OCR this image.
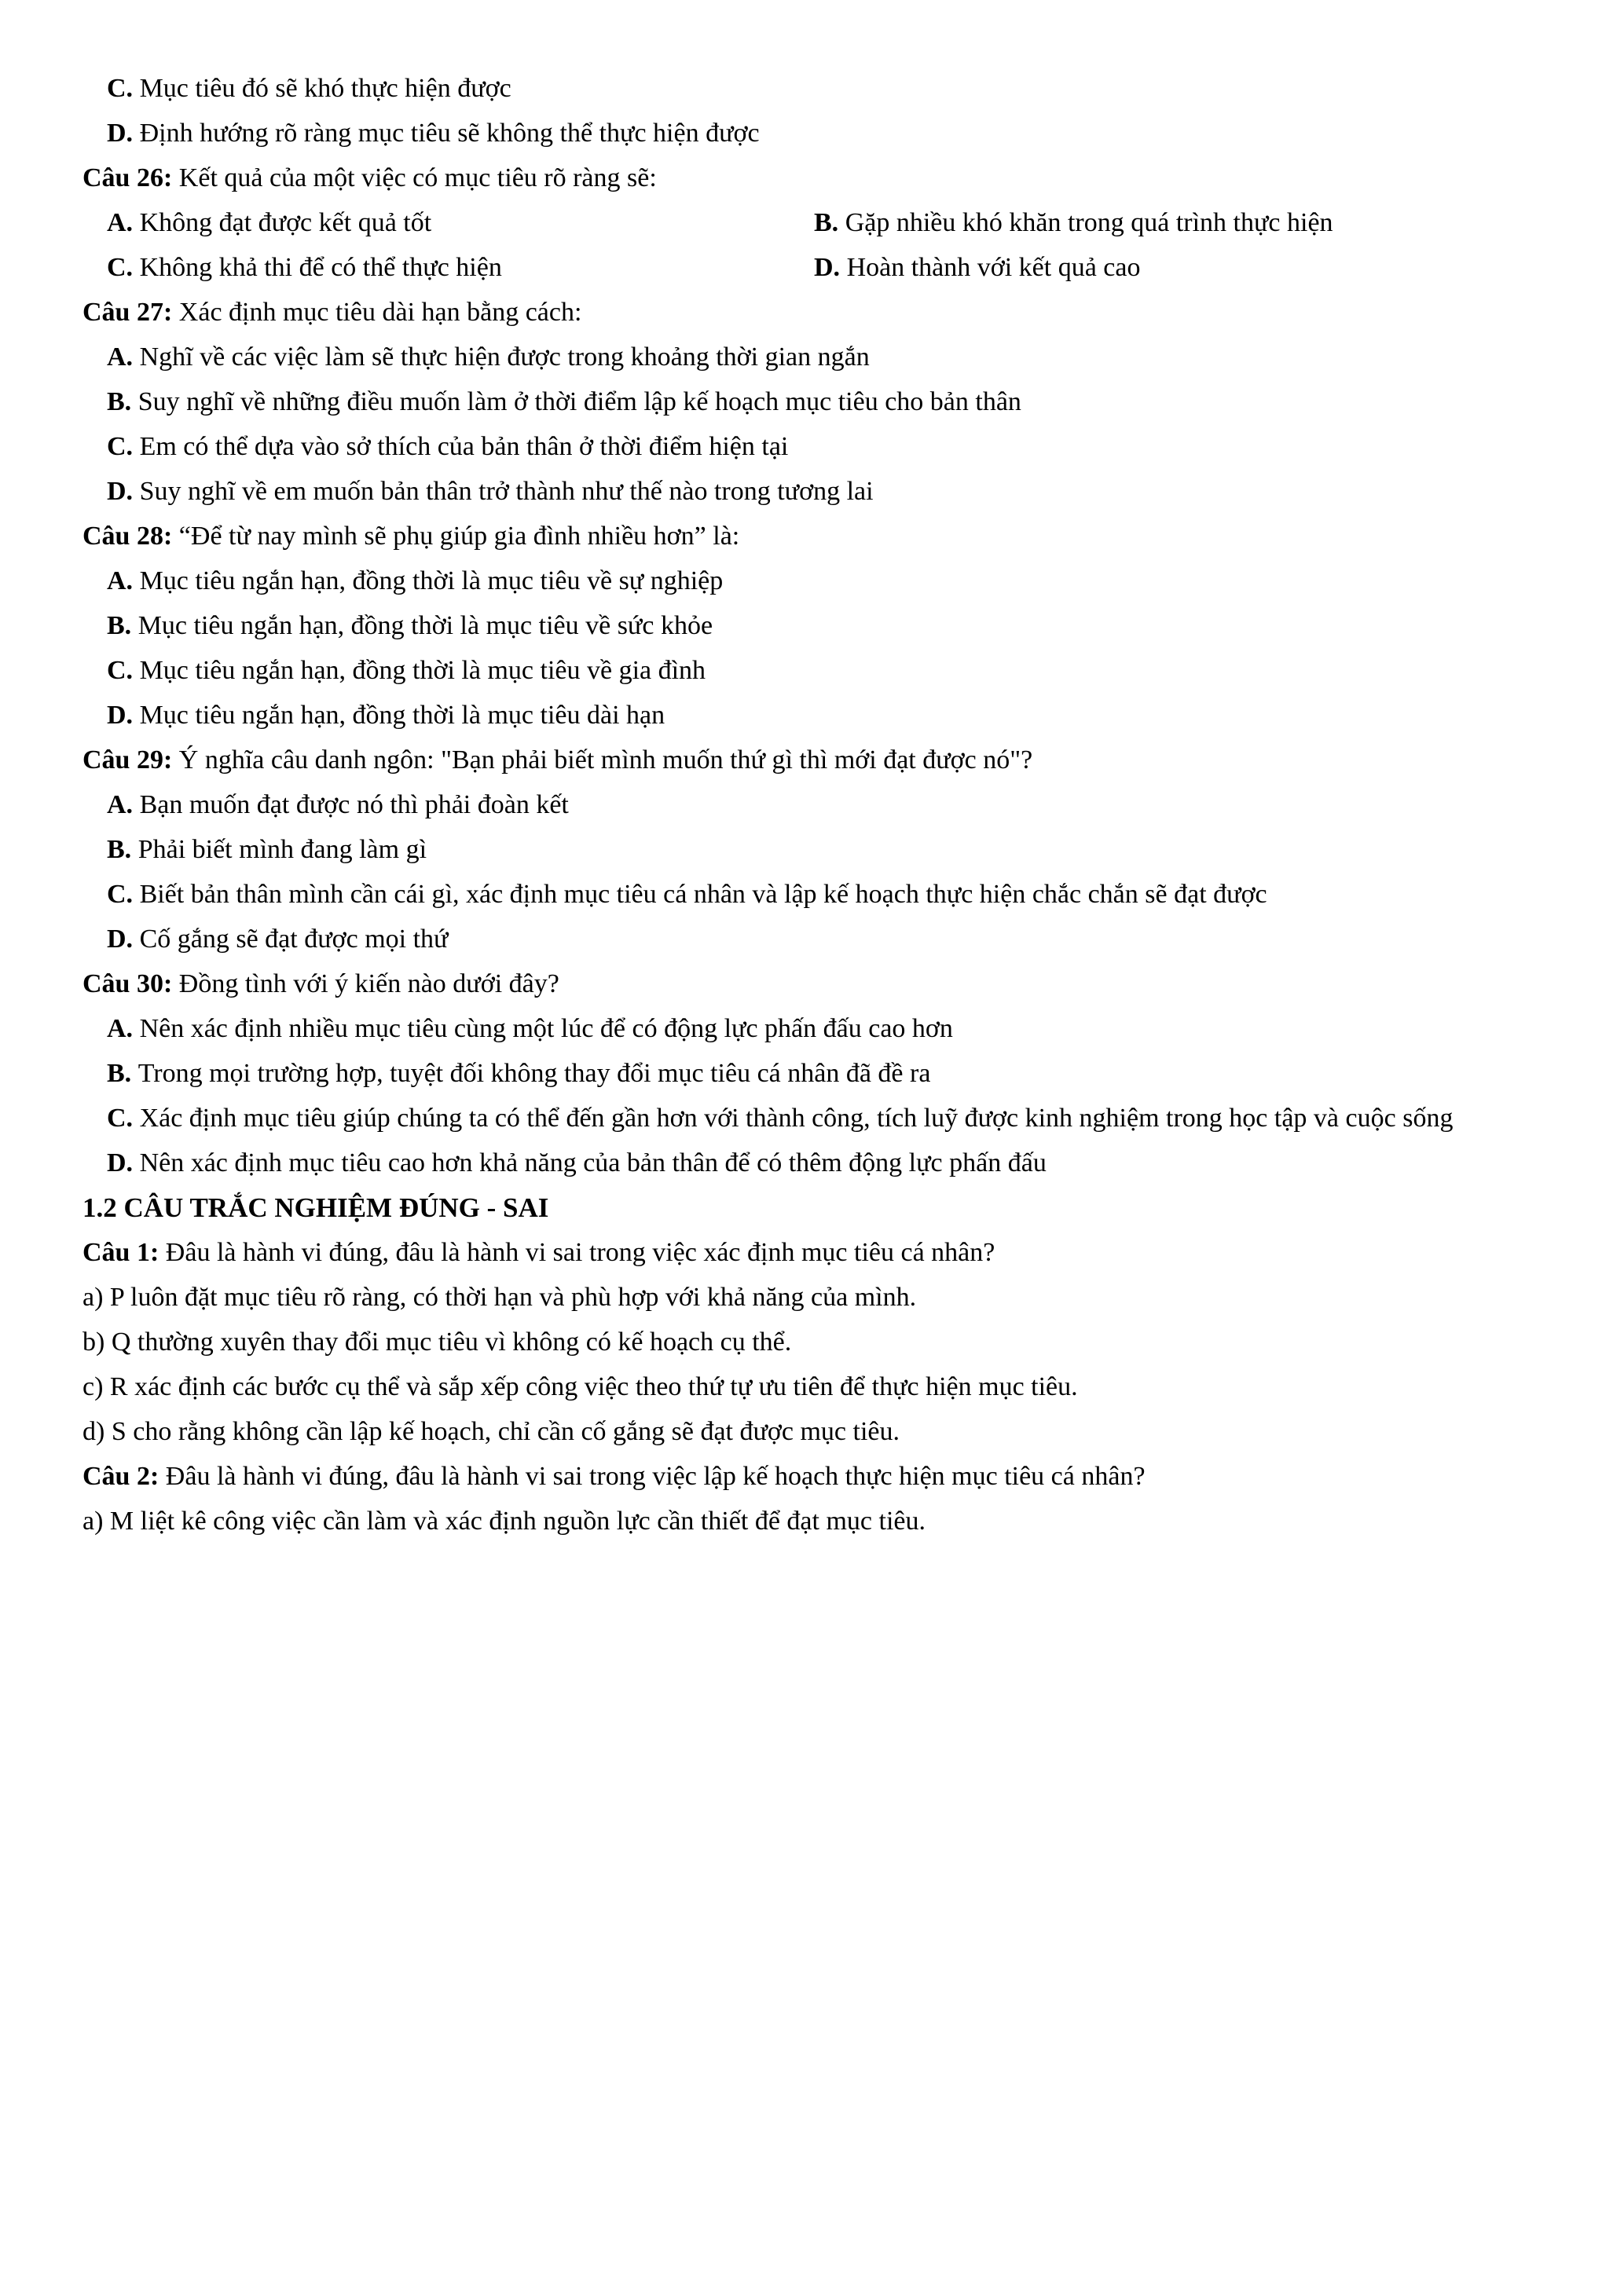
C. Mục tiêu đó sẽ khó thực hiện được
D. Định hướng rõ ràng mục tiêu sẽ không thể thực hiện được
Câu 26: Kết quả của một việc có mục tiêu rõ ràng sẽ:
A. Không đạt được kết quả tốt	B. Gặp nhiều khó khăn trong quá trình thực hiện
C. Không khả thi để có thể thực hiện	D. Hoàn thành với kết quả cao
Câu 27: Xác định mục tiêu dài hạn bằng cách:
A. Nghĩ về các việc làm sẽ thực hiện được trong khoảng thời gian ngắn
B. Suy nghĩ về những điều muốn làm ở thời điểm lập kế hoạch mục tiêu cho bản thân
C. Em có thể dựa vào sở thích của bản thân ở thời điểm hiện tại
D. Suy nghĩ về em muốn bản thân trở thành như thế nào trong tương lai
Câu 28: “Để từ nay mình sẽ phụ giúp gia đình nhiều hơn” là:
A. Mục tiêu ngắn hạn, đồng thời là mục tiêu về sự nghiệp
B. Mục tiêu ngắn hạn, đồng thời là mục tiêu về sức khỏe
C. Mục tiêu ngắn hạn, đồng thời là mục tiêu về gia đình
D. Mục tiêu ngắn hạn, đồng thời là mục tiêu dài hạn
Câu 29: Ý nghĩa câu danh ngôn: "Bạn phải biết mình muốn thứ gì thì mới đạt được nó"?
A. Bạn muốn đạt được nó thì phải đoàn kết
B. Phải biết mình đang làm gì
C. Biết bản thân mình cần cái gì, xác định mục tiêu cá nhân và lập kế hoạch thực hiện chắc chắn sẽ đạt được
D. Cố gắng sẽ đạt được mọi thứ
Câu 30: Đồng tình với ý kiến nào dưới đây?
A. Nên xác định nhiều mục tiêu cùng một lúc để có động lực phấn đấu cao hơn
B. Trong mọi trường hợp, tuyệt đối không thay đổi mục tiêu cá nhân đã đề ra
C. Xác định mục tiêu giúp chúng ta có thể đến gần hơn với thành công, tích luỹ được kinh nghiệm trong học tập và cuộc sống
D. Nên xác định mục tiêu cao hơn khả năng của bản thân để có thêm động lực phấn đấu
1.2 CÂU TRẮC NGHIỆM ĐÚNG - SAI
Câu 1: Đâu là hành vi đúng, đâu là hành vi sai trong việc xác định mục tiêu cá nhân?
a) P luôn đặt mục tiêu rõ ràng, có thời hạn và phù hợp với khả năng của mình.
b) Q thường xuyên thay đổi mục tiêu vì không có kế hoạch cụ thể.
c) R xác định các bước cụ thể và sắp xếp công việc theo thứ tự ưu tiên để thực hiện mục tiêu.
d) S cho rằng không cần lập kế hoạch, chỉ cần cố gắng sẽ đạt được mục tiêu.
Câu 2: Đâu là hành vi đúng, đâu là hành vi sai trong việc lập kế hoạch thực hiện mục tiêu cá nhân?
a) M liệt kê công việc cần làm và xác định nguồn lực cần thiết để đạt mục tiêu.
